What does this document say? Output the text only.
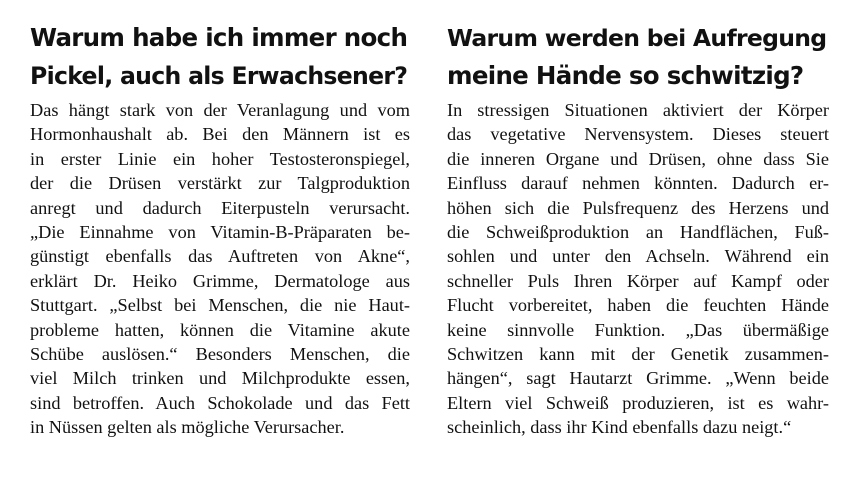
Warum habe ich immer noch
Pickel, auch als Erwachsener?
Das hängt stark von der Veranlagung und vom
Hormonhaushalt ab. Bei den Männern ist es
in erster Linie ein hoher Testosteronspiegel,
der die Drüsen verstärkt zur Talgproduktion
anregt und dadurch Eiterpusteln verursacht.
„Die Einnahme von Vitamin-B-Präparaten be-
günstigt ebenfalls das Auftreten von Akne“,
erklärt Dr. Heiko Grimme, Dermatologe aus
Stuttgart. „Selbst bei Menschen, die nie Haut-
probleme hatten, können die Vitamine akute
Schübe auslösen.“ Besonders Menschen, die
viel Milch trinken und Milchprodukte essen,
sind betroffen. Auch Schokolade und das Fett
in Nüssen gelten als mögliche Verursacher.
Warum werden bei Aufregung
meine Hände so schwitzig?
In stressigen Situationen aktiviert der Körper
das vegetative Nervensystem. Dieses steuert
die inneren Organe und Drüsen, ohne dass Sie
Einfluss darauf nehmen könnten. Dadurch er-
höhen sich die Pulsfrequenz des Herzens und
die Schweißproduktion an Handflächen, Fuß-
sohlen und unter den Achseln. Während ein
schneller Puls Ihren Körper auf Kampf oder
Flucht vorbereitet, haben die feuchten Hände
keine sinnvolle Funktion. „Das übermäßige
Schwitzen kann mit der Genetik zusammen-
hängen“, sagt Hautarzt Grimme. „Wenn beide
Eltern viel Schweiß produzieren, ist es wahr-
scheinlich, dass ihr Kind ebenfalls dazu neigt.“
